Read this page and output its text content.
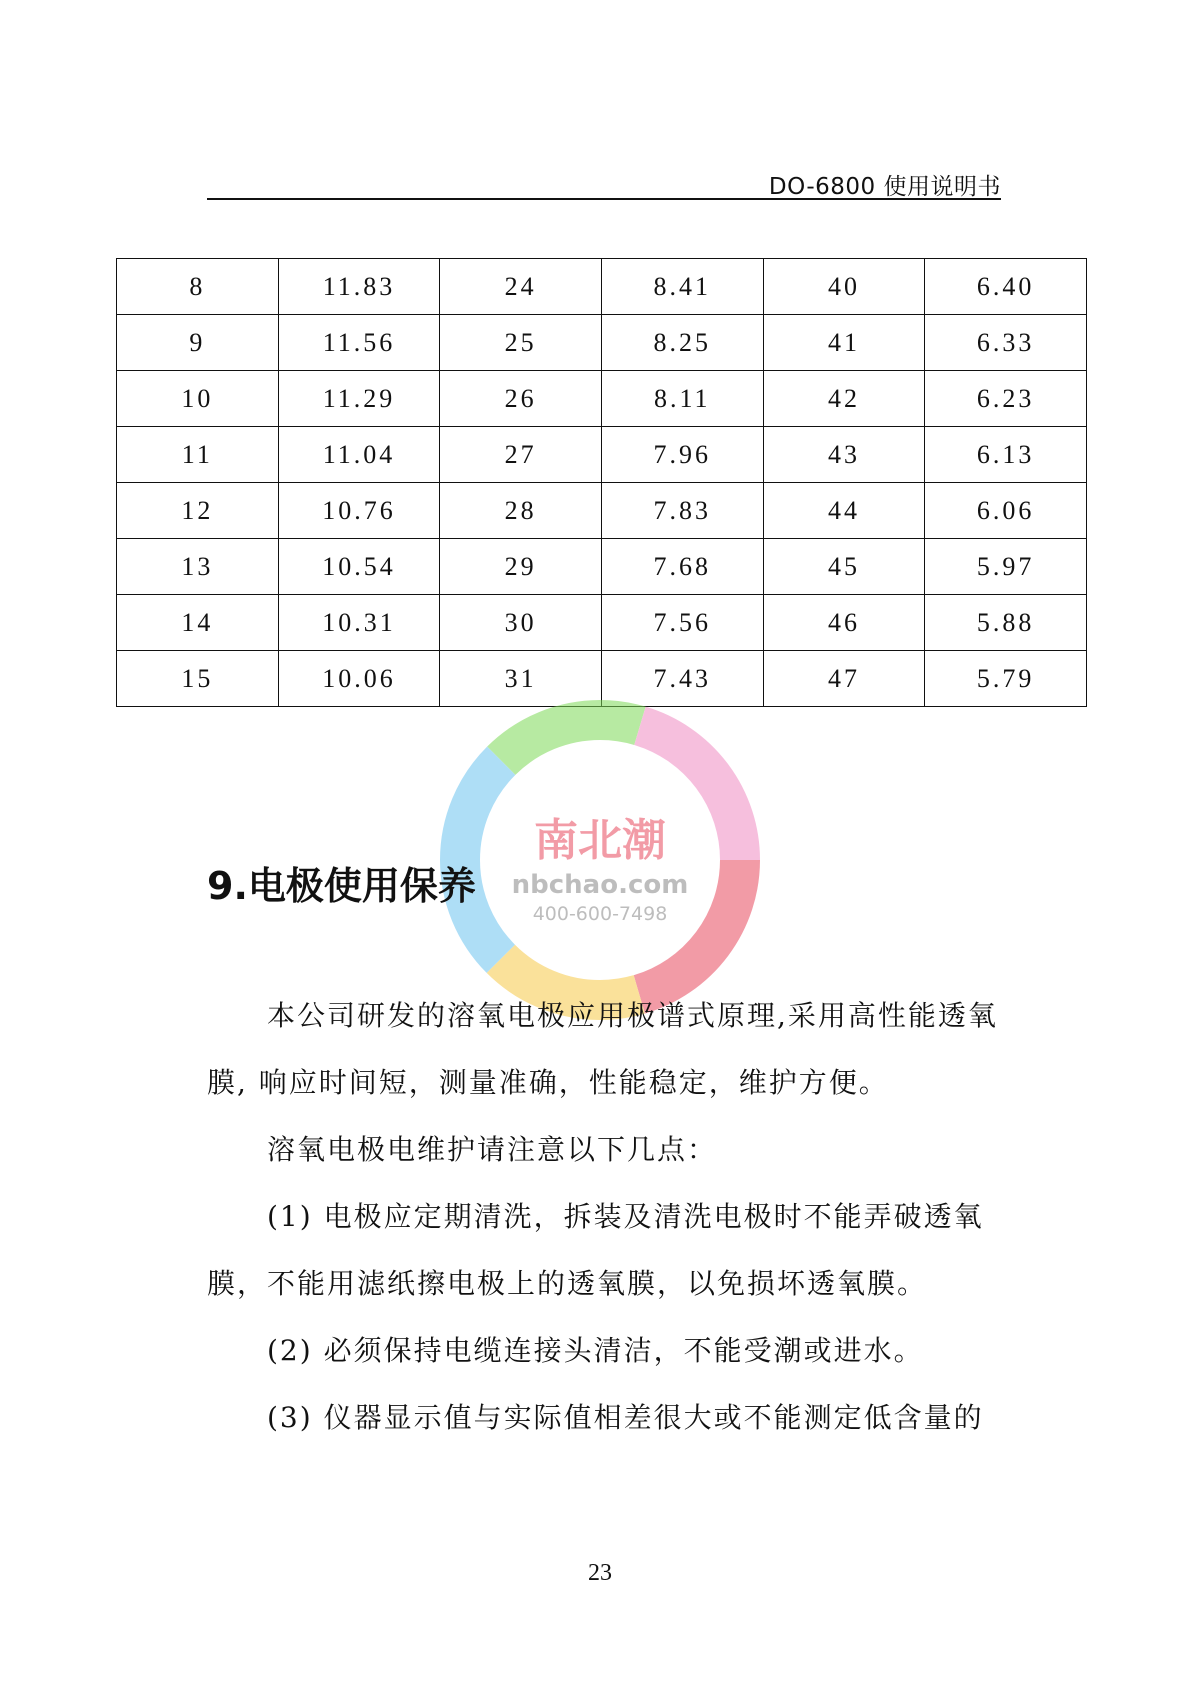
DO-6800 使用说明书
8	11.83	24	8.41	40	6.40
9	11.56	25	8.25	41	6.33
10	11.29	26	8.11	42	6.23
11	11.04	27	7.96	43	6.13
12	10.76	28	7.83	44	6.06
13	10.54	29	7.68	45	5.97
14	10.31	30	7.56	46	5.88
15	10.06	31	7.43	47	5.79
南北潮
nbchao.com
400-600-7498
9.电极使用保养

本公司研发的溶氧电极应用极谱式原理,采用高性能透氧膜, 响应时间短，测量准确，性能稳定，维护方便。

溶氧电极电维护请注意以下几点：

(1) 电极应定期清洗，拆装及清洗电极时不能弄破透氧膜，不能用滤纸擦电极上的透氧膜，以免损坏透氧膜。

(2) 必须保持电缆连接头清洁，不能受潮或进水。

(3) 仪器显示值与实际值相差很大或不能测定低含量的

23
